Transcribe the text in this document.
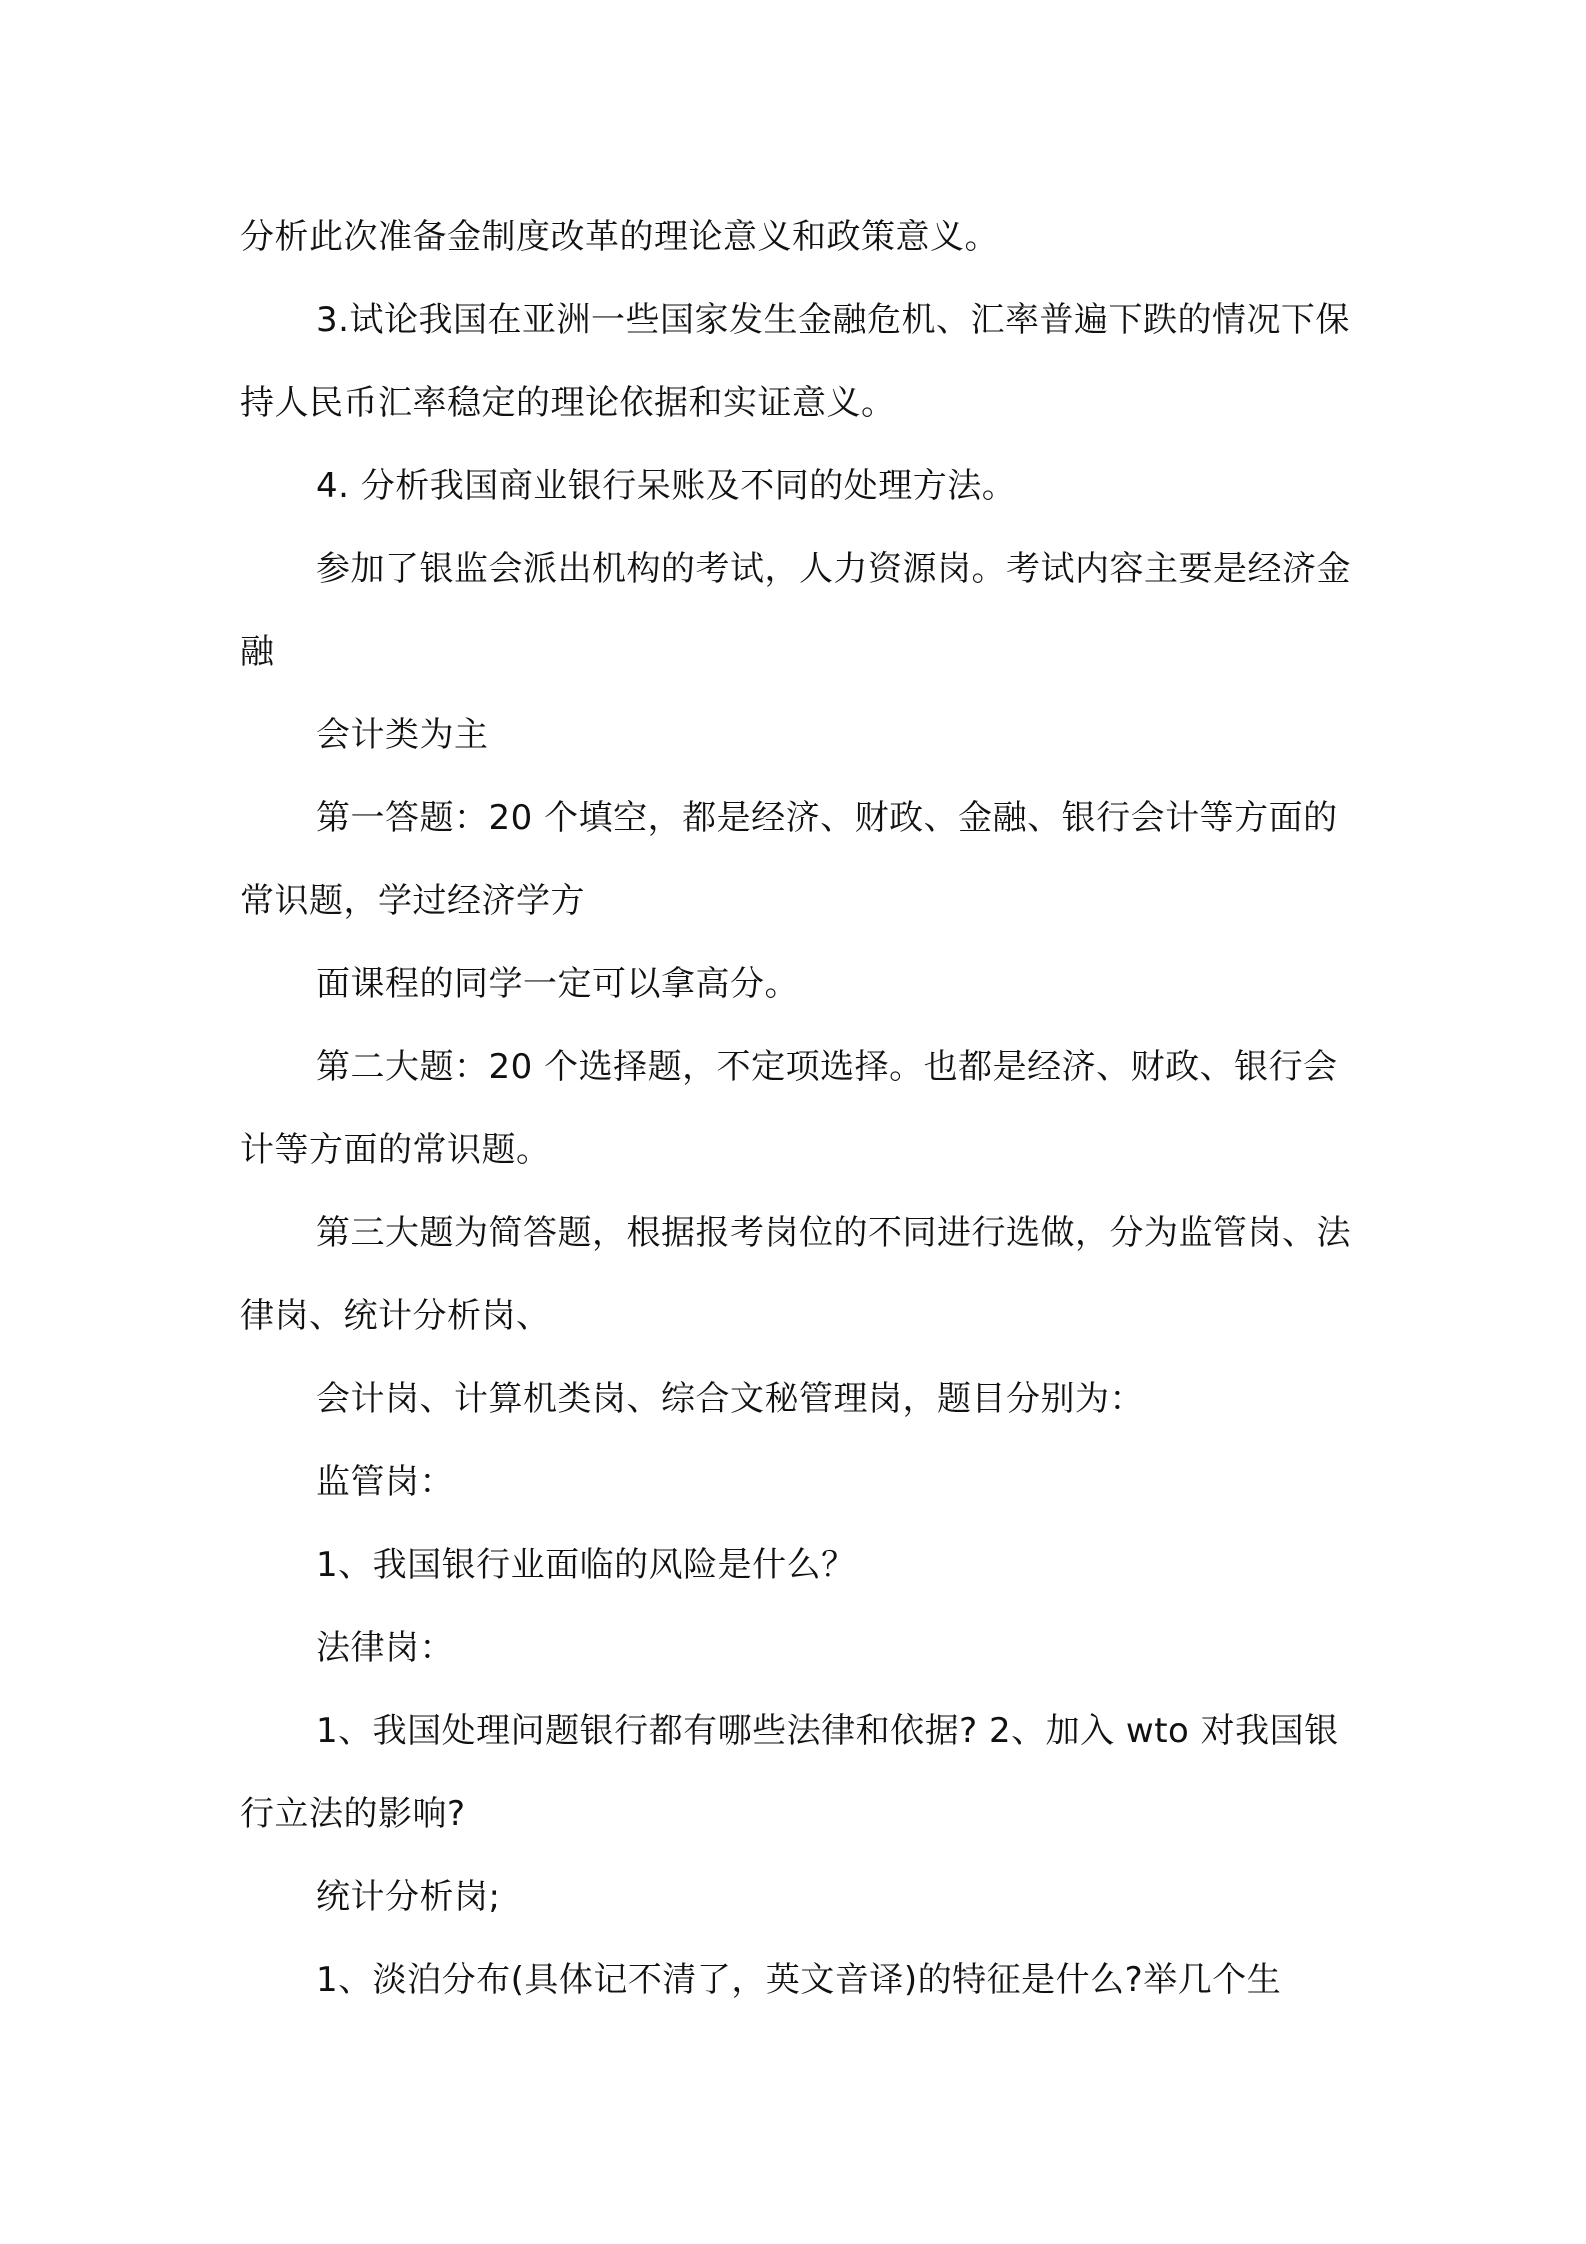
分析此次准备金制度改革的理论意义和政策意义。

3.试论我国在亚洲一些国家发生金融危机、汇率普遍下跌的情况下保持人民币汇率稳定的理论依据和实证意义。

4. 分析我国商业银行呆账及不同的处理方法。

参加了银监会派出机构的考试，人力资源岗。考试内容主要是经济金融

会计类为主

第一答题：20 个填空，都是经济、财政、金融、银行会计等方面的常识题，学过经济学方

面课程的同学一定可以拿高分。

第二大题：20 个选择题，不定项选择。也都是经济、财政、银行会计等方面的常识题。

第三大题为简答题，根据报考岗位的不同进行选做，分为监管岗、法律岗、统计分析岗、

会计岗、计算机类岗、综合文秘管理岗，题目分别为：

监管岗：

1、我国银行业面临的风险是什么？

法律岗：

1、我国处理问题银行都有哪些法律和依据? 2、加入 wto 对我国银行立法的影响?

统计分析岗;

1、淡泊分布(具体记不清了，英文音译)的特征是什么?举几个生
